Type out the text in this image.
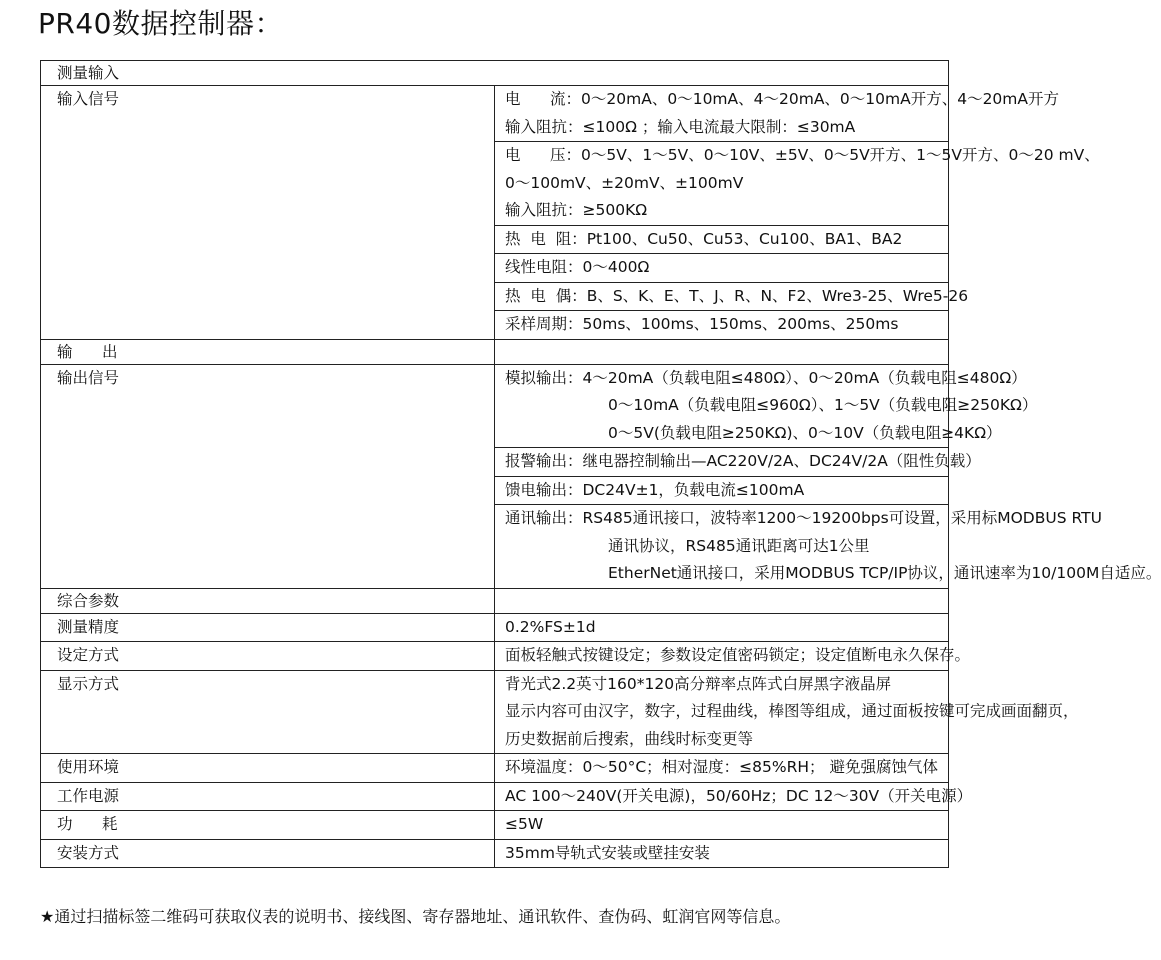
PR40数据控制器：
测量输入	
输入信号	电      流：0～20mA、0～10mA、4～20mA、0～10mA开方、4～20mA开方
输入阻抗：≤100Ω ；输入电流最大限制：≤30mA

	电      压：0～5V、1～5V、0～10V、±5V、0～5V开方、1～5V开方、0～20 mV、
0～100mV、±20mV、±100mV
输入阻抗：≥500KΩ

	热  电  阻：Pt100、Cu50、Cu53、Cu100、BA1、BA2
	线性电阻：0～400Ω
	热  电  偶：B、S、K、E、T、J、R、N、F2、Wre3-25、Wre5-26
	采样周期：50ms、100ms、150ms、200ms、250ms
输      出	
输出信号	模拟输出：4～20mA（负载电阻≤480Ω）、0～20mA（负载电阻≤480Ω）
0～10mA（负载电阻≤960Ω）、1～5V（负载电阻≥250KΩ）
0～5V(负载电阻≥250KΩ)、0～10V（负载电阻≥4KΩ）

	报警输出：继电器控制输出—AC220V/2A、DC24V/2A（阻性负载）
	馈电输出：DC24V±1，负载电流≤100mA

	通讯输出：RS485通讯接口，波特率1200～19200bps可设置，采用标MODBUS RTU
通讯协议，RS485通讯距离可达1公里
EtherNet通讯接口，采用MODBUS TCP/IP协议，通讯速率为10/100M自适应。

综合参数	
测量精度	0.2%FS±1d
设定方式	面板轻触式按键设定；参数设定值密码锁定；设定值断电永久保存。
显示方式	背光式2.2英寸160*120高分辩率点阵式白屏黑字液晶屏
显示内容可由汉字，数字，过程曲线，棒图等组成，通过面板按键可完成画面翻页，
历史数据前后搜索，曲线时标变更等

使用环境	环境温度：0～50°C；相对湿度：≤85%RH； 避免强腐蚀气体
工作电源	AC 100～240V(开关电源)，50/60Hz；DC 12～30V（开关电源）
功      耗	≤5W
安装方式	35mm导轨式安装或壁挂安装
★通过扫描标签二维码可获取仪表的说明书、接线图、寄存器地址、通讯软件、查伪码、虹润官网等信息。
